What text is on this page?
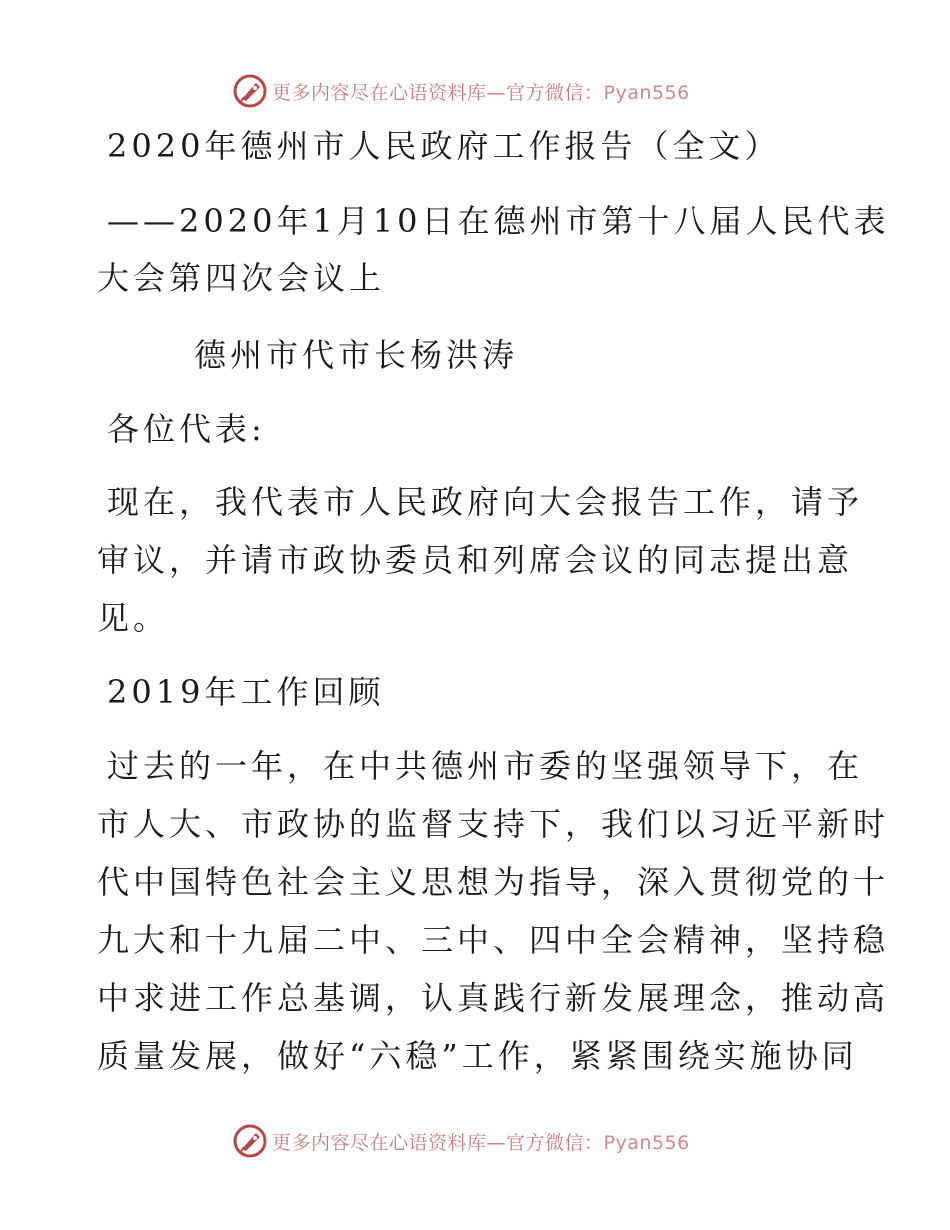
更多内容尽在心语资料库—官方微信：Pyan556
2020年德州市人民政府工作报告（全文）
——2020年1月10日在德州市第十八届人民代表
大会第四次会议上
德州市代市长杨洪涛
各位代表:
现在，我代表市人民政府向大会报告工作，请予
审议，并请市政协委员和列席会议的同志提出意
见。
2019年工作回顾
过去的一年，在中共德州市委的坚强领导下，在
市人大、市政协的监督支持下，我们以习近平新时
代中国特色社会主义思想为指导，深入贯彻党的十
九大和十九届二中、三中、四中全会精神，坚持稳
中求进工作总基调，认真践行新发展理念，推动高
质量发展，做好“六稳”工作，紧紧围绕实施协同
更多内容尽在心语资料库—官方微信：Pyan556
